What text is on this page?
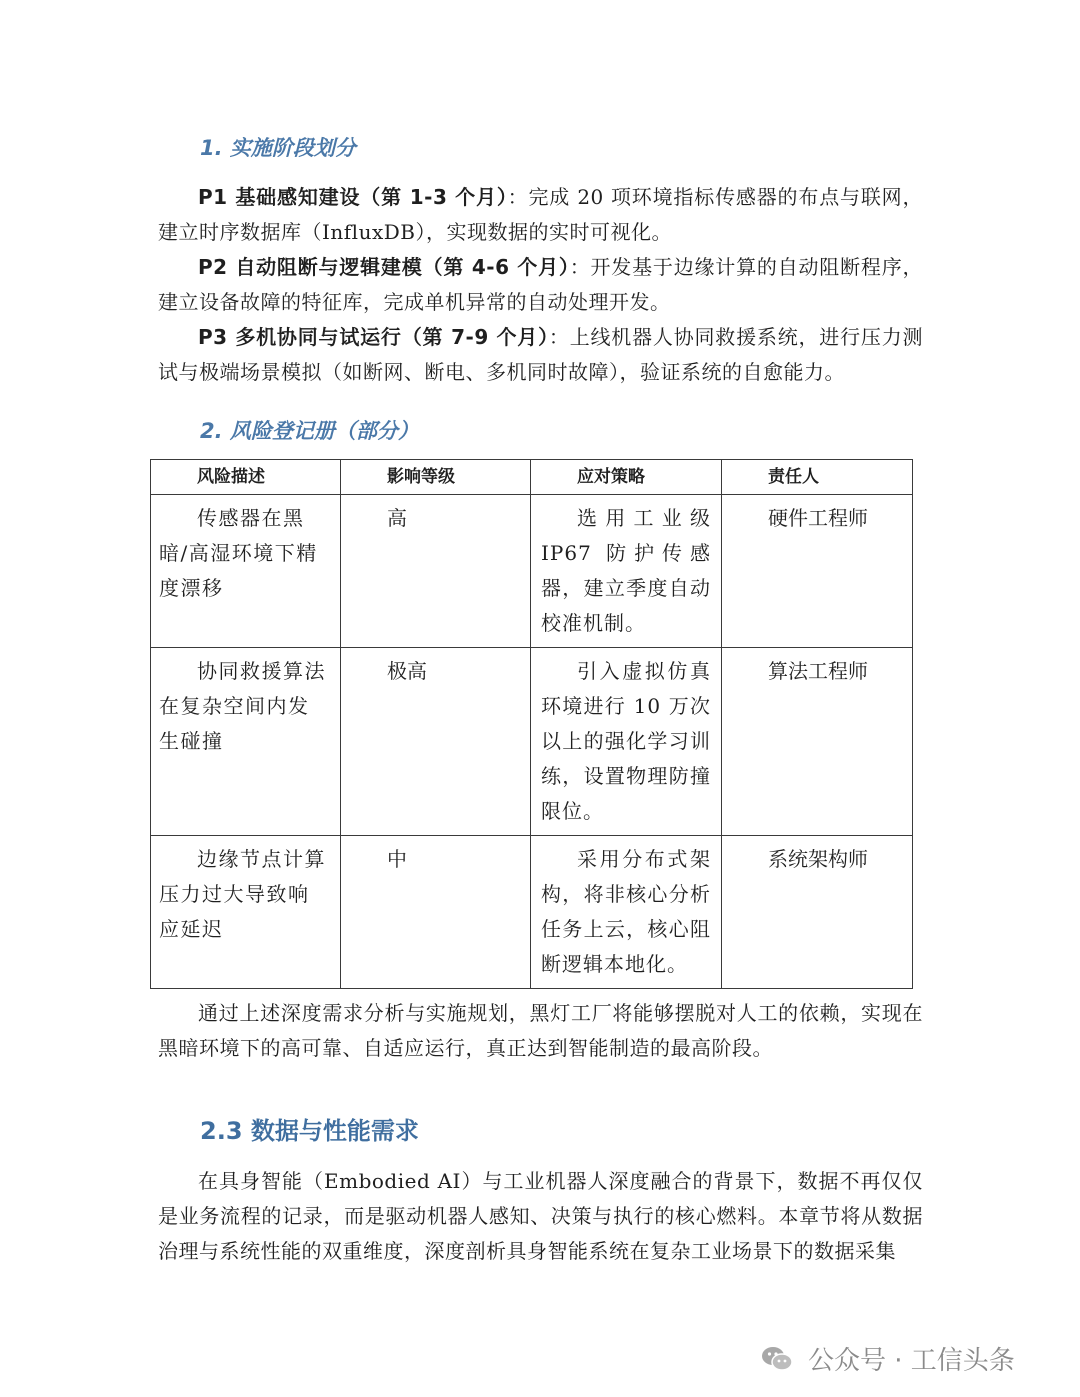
1. 实施阶段划分
P1 基础感知建设（第 1-3 个月）：完成 20 项环境指标传感器的布点与联网，建立时序数据库（InfluxDB），实现数据的实时可视化。
P2 自动阻断与逻辑建模（第 4-6 个月）：开发基于边缘计算的自动阻断程序，建立设备故障的特征库，完成单机异常的自动处理开发。
P3 多机协同与试运行（第 7-9 个月）：上线机器人协同救援系统，进行压力测试与极端场景模拟（如断网、断电、多机同时故障），验证系统的自愈能力。
2. 风险登记册（部分）
风险描述	影响等级	应对策略	责任人
传感器在黑暗/高湿环境下精度漂移	高	选用工业级 IP67 防护传感器，建立季度自动校准机制。	硬件工程师
协同救援算法在复杂空间内发生碰撞	极高	引入虚拟仿真环境进行 10 万次以上的强化学习训练，设置物理防撞限位。	算法工程师
边缘节点计算压力过大导致响应延迟	中	采用分布式架构，将非核心分析任务上云，核心阻断逻辑本地化。	系统架构师
通过上述深度需求分析与实施规划，黑灯工厂将能够摆脱对人工的依赖，实现在黑暗环境下的高可靠、自适应运行，真正达到智能制造的最高阶段。
2.3 数据与性能需求
在具身智能（Embodied AI）与工业机器人深度融合的背景下，数据不再仅仅是业务流程的记录，而是驱动机器人感知、决策与执行的核心燃料。本章节将从数据治理与系统性能的双重维度，深度剖析具身智能系统在复杂工业场景下的数据采集
公众号 · 工信头条
